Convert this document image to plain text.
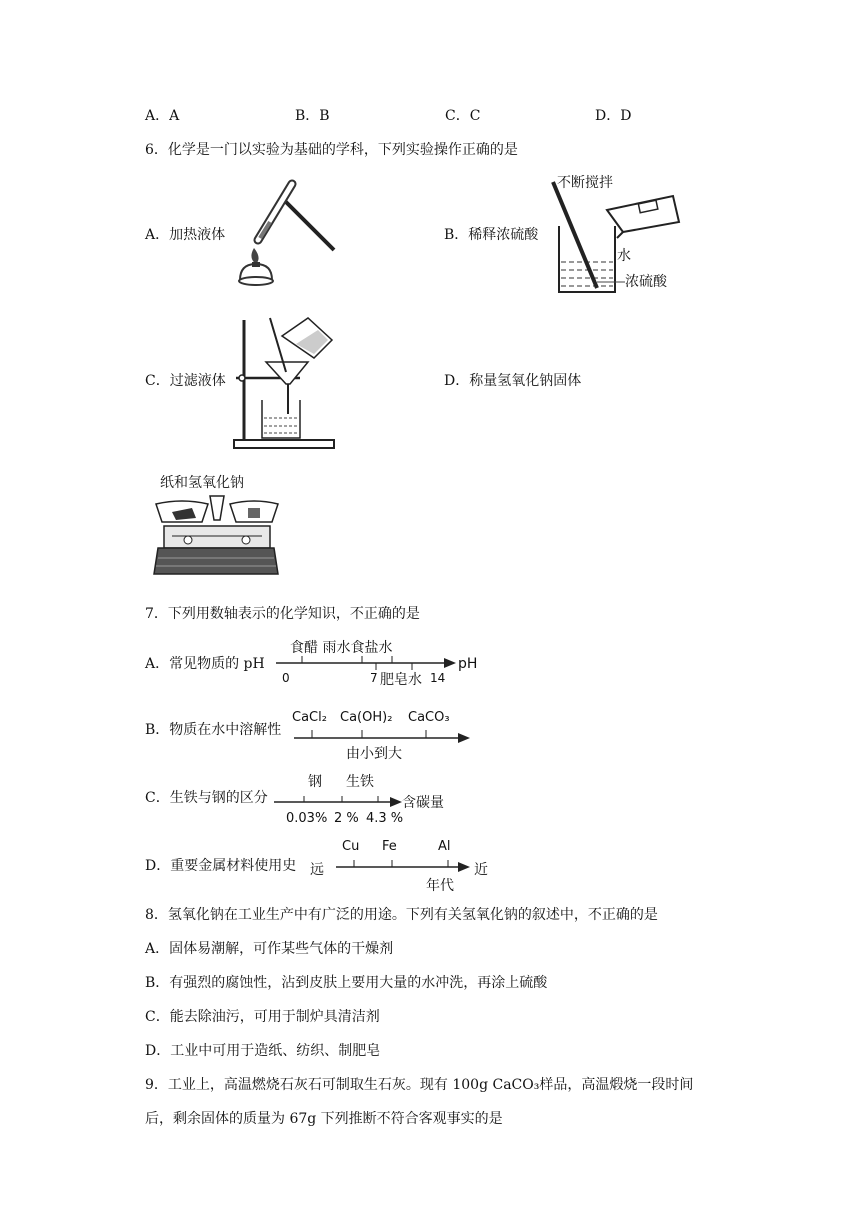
A．A	B．B	C．C	D．D
6．化学是一门以实验为基础的学科，下列实验操作正确的是
A．加热液体	B．稀释浓硫酸
不断搅拌
水
浓硫酸
C．过滤液体	D．称量氢氧化钠固体
纸和氢氧化钠
7．下列用数轴表示的化学知识，不正确的是
A．常见物质的 pH
食醋 雨水食盐水
pH
0	7 肥皂水 14
B．物质在水中溶解性
CaCl₂ Ca(OH)₂ CaCO₃
由小到大
C．生铁与钢的区分
钢 生铁
含碳量
0.03% 2 % 4.3 %
D．重要金属材料使用史
Cu Fe	Al
远	近
年代
8．氢氧化钠在工业生产中有广泛的用途。下列有关氢氧化钠的叙述中，不正确的是
A．固体易潮解，可作某些气体的干燥剂
B．有强烈的腐蚀性，沾到皮肤上要用大量的水冲洗，再涂上硫酸
C．能去除油污，可用于制炉具清洁剂
D．工业中可用于造纸、纺织、制肥皂
9．工业上，高温燃烧石灰石可制取生石灰。现有 100g CaCO₃样品，高温煅烧一段时间
后，剩余固体的质量为 67g 下列推断不符合客观事实的是
